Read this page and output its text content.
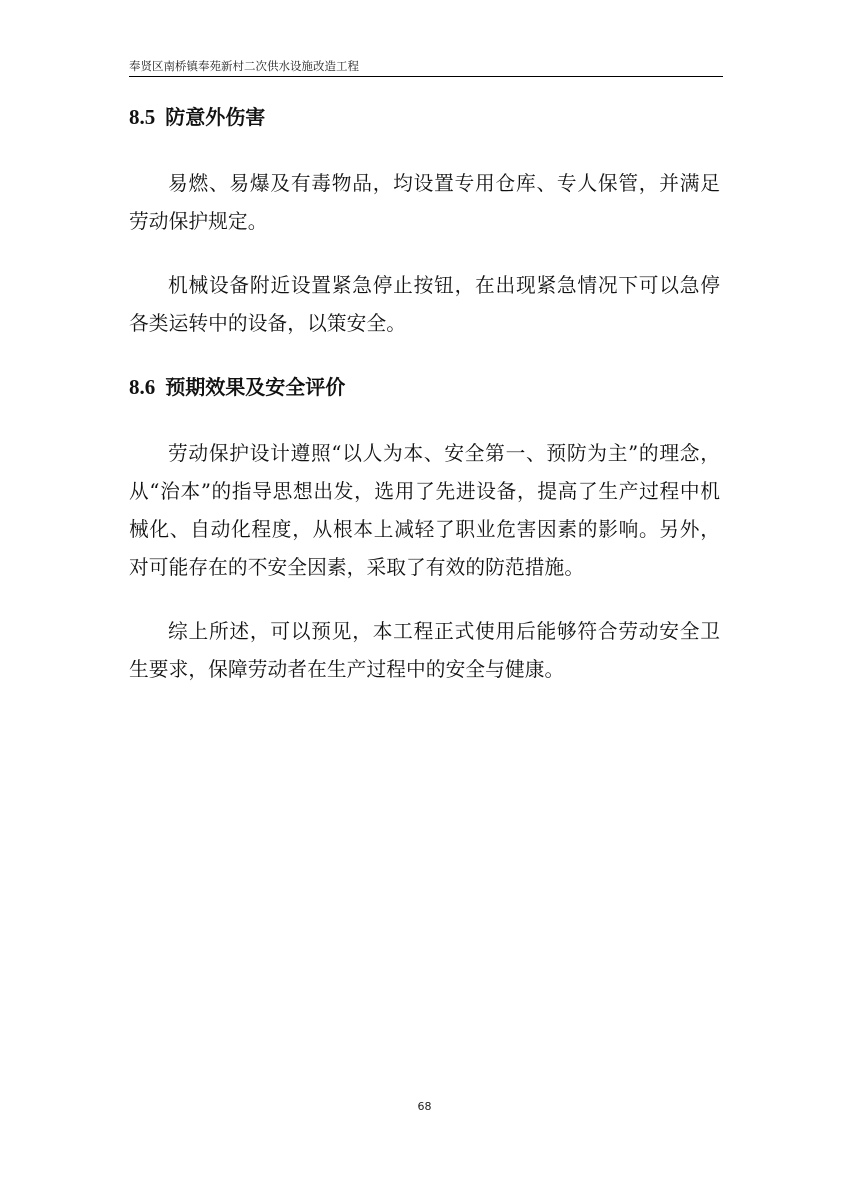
奉贤区南桥镇奉苑新村二次供水设施改造工程
8.5 防意外伤害

易燃、易爆及有毒物品，均设置专用仓库、专人保管，并满足劳动保护规定。

机械设备附近设置紧急停止按钮，在出现紧急情况下可以急停各类运转中的设备，以策安全。

8.6 预期效果及安全评价

劳动保护设计遵照“以人为本、安全第一、预防为主”的理念，从“治本”的指导思想出发，选用了先进设备，提高了生产过程中机械化、自动化程度，从根本上减轻了职业危害因素的影响。另外，对可能存在的不安全因素，采取了有效的防范措施。

综上所述，可以预见，本工程正式使用后能够符合劳动安全卫生要求，保障劳动者在生产过程中的安全与健康。

68
